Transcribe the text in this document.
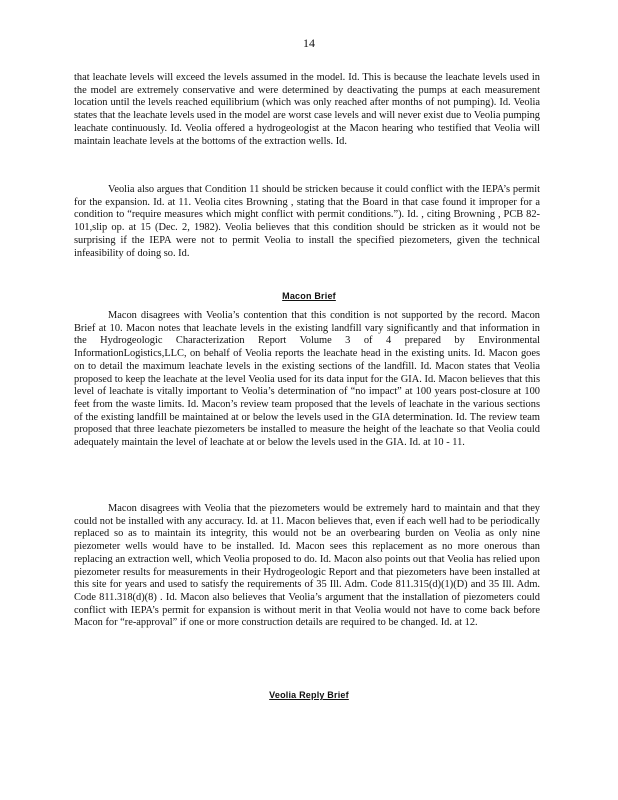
14

that leachate levels will exceed the levels assumed in the model. Id. This is because the leachate levels used in the model are extremely conservative and were determined by deactivating the pumps at each measurement location until the levels reached equilibrium (which was only reached after months of not pumping). Id. Veolia states that the leachate levels used in the model are worst case levels and will never exist due to Veolia pumping leachate continuously. Id. Veolia offered a hydrogeologist at the Macon hearing who testified that Veolia will maintain leachate levels at the bottoms of the extraction wells. Id.

Veolia also argues that Condition 11 should be stricken because it could conflict with the IEPA’s permit for the expansion. Id. at 11. Veolia cites Browning , stating that the Board in that case found it improper for a condition to “require measures which might conflict with permit conditions.”). Id. , citing Browning , PCB 82-101,slip op. at 15 (Dec. 2, 1982). Veolia believes that this condition should be stricken as it would not be surprising if the IEPA were not to permit Veolia to install the specified piezometers, given the technical infeasibility of doing so. Id.

Macon Brief

Macon disagrees with Veolia’s contention that this condition is not supported by the record. Macon Brief at 10. Macon notes that leachate levels in the existing landfill vary significantly and that information in the Hydrogeologic Characterization Report Volume 3 of 4 prepared by Environmental InformationLogistics,LLC, on behalf of Veolia reports the leachate head in the existing units. Id. Macon goes on to detail the maximum leachate levels in the existing sections of the landfill. Id. Macon states that Veolia proposed to keep the leachate at the level Veolia used for its data input for the GIA. Id. Macon believes that this level of leachate is vitally important to Veolia’s determination of “no impact” at 100 years post-closure at 100 feet from the waste limits. Id. Macon’s review team proposed that the levels of leachate in the various sections of the existing landfill be maintained at or below the levels used in the GIA determination. Id. The review team proposed that three leachate piezometers be installed to measure the height of the leachate so that Veolia could adequately maintain the level of leachate at or below the levels used in the GIA. Id. at 10 - 11.

Macon disagrees with Veolia that the piezometers would be extremely hard to maintain and that they could not be installed with any accuracy. Id. at 11. Macon believes that, even if each well had to be periodically replaced so as to maintain its integrity, this would not be an overbearing burden on Veolia as only nine piezometer wells would have to be installed. Id. Macon sees this replacement as no more onerous than replacing an extraction well, which Veolia proposed to do. Id. Macon also points out that Veolia has relied upon piezometer results for measurements in their Hydrogeologic Report and that piezometers have been installed at this site for years and used to satisfy the requirements of 35 Ill. Adm. Code 811.315(d)(1)(D) and 35 Ill. Adm. Code 811.318(d)(8) . Id. Macon also believes that Veolia’s argument that the installation of piezometers could conflict with IEPA’s permit for expansion is without merit in that Veolia would not have to come back before Macon for “re-approval” if one or more construction details are required to be changed. Id. at 12.

Veolia Reply Brief
